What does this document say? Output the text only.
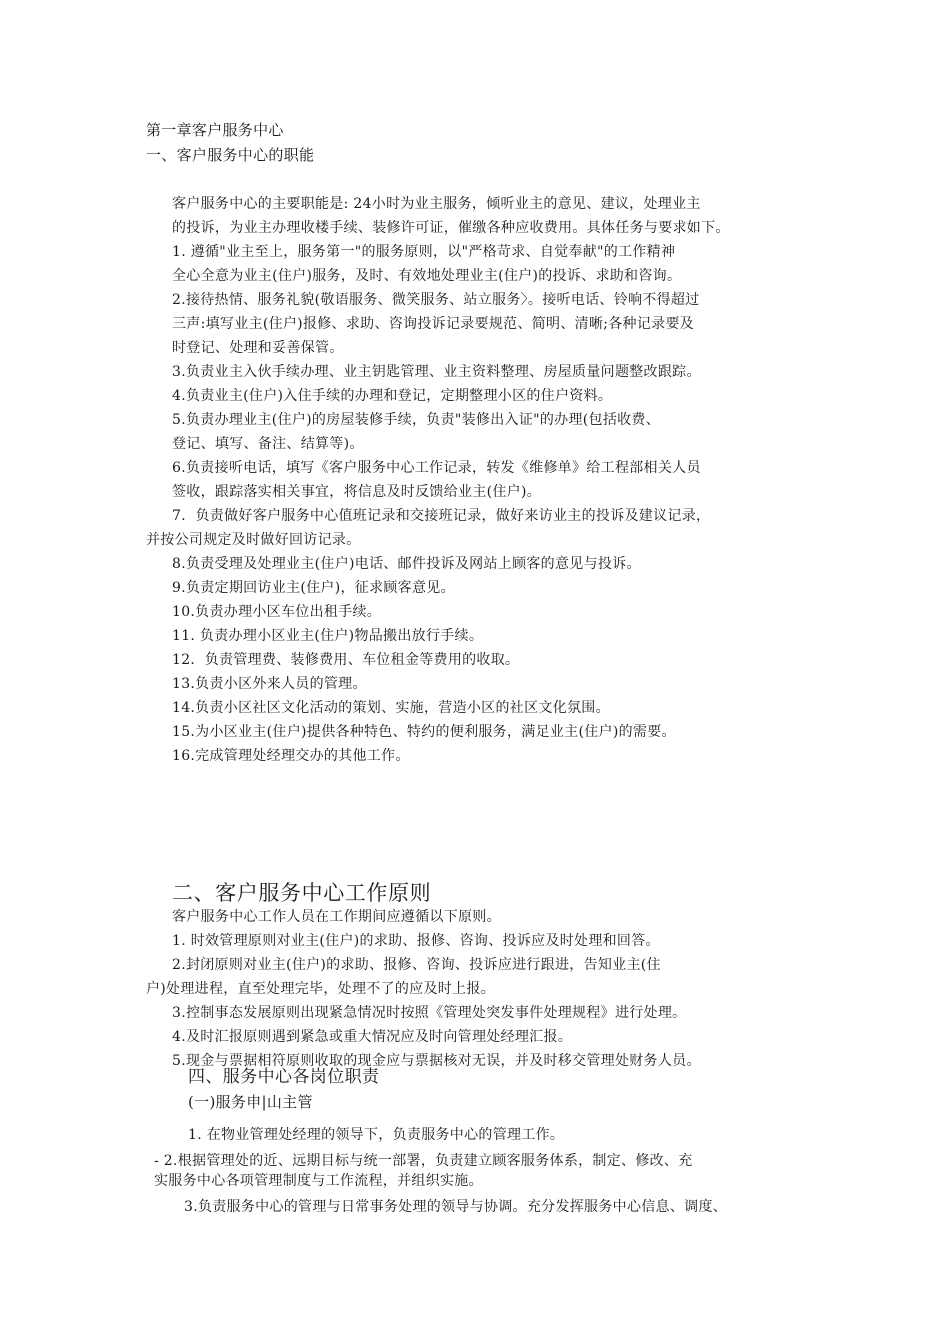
第一章客户服务中心
一、客户服务中心的职能
客户服务中心的主要职能是: 24小时为业主服务，倾听业主的意见、建议，处理业主
的投诉，为业主办理收楼手续、装修许可证，催缴各种应收费用。具体任务与要求如下。
1. 遵循"业主至上，服务第一"的服务原则，以"严格苛求、自觉奉献"的工作精神
全心全意为业主(住户)服务，及时、有效地处理业主(住户)的投诉、求助和咨询。
2.接待热情、服务礼貌(敬语服务、微笑服务、站立服务〉。接听电话、铃响不得超过
三声:填写业主(住户)报修、求助、咨询投诉记录要规范、简明、清晰;各种记录要及
时登记、处理和妥善保管。
3.负责业主入伙手续办理、业主钥匙管理、业主资料整理、房屋质量问题整改跟踪。
4.负责业主(住户)入住手续的办理和登记，定期整理小区的住户资料。
5.负责办理业主(住户)的房屋装修手续，负责"装修出入证"的办理(包括收费、
登记、填写、备注、结算等)。
6.负责接听电话，填写《客户服务中心工作记录，转发《维修单》给工程部相关人员
签收，跟踪落实相关事宜，将信息及时反馈给业主(住户)。
7．负责做好客户服务中心值班记录和交接班记录，做好来访业主的投诉及建议记录，
并按公司规定及时做好回访记录。
8.负责受理及处理业主(住户)电话、邮件投诉及网站上顾客的意见与投诉。
9.负责定期回访业主(住户)，征求顾客意见。
10.负责办理小区车位出租手续。
11. 负责办理小区业主(住户)物品搬出放行手续。
12．负责管理费、装修费用、车位租金等费用的收取。
13.负责小区外来人员的管理。
14.负责小区社区文化活动的策划、实施，营造小区的社区文化氛围。
15.为小区业主(住户)提供各种特色、特约的便利服务，满足业主(住户)的需要。
16.完成管理处经理交办的其他工作。
二、客户服务中心工作原则
客户服务中心工作人员在工作期间应遵循以下原则。
1. 时效管理原则对业主(住户)的求助、报修、咨询、投诉应及时处理和回答。
2.封闭原则对业主(住户)的求助、报修、咨询、投诉应进行跟进，告知业主(住
户)处理进程，直至处理完毕，处理不了的应及时上报。
3.控制事态发展原则出现紧急情况时按照《管理处突发事件处理规程》进行处理。
4.及时汇报原则遇到紧急或重大情况应及时向管理处经理汇报。
5.现金与票据相符原则收取的现金应与票据核对无误，并及时移交管理处财务人员。
四、服务中心各岗位职责
(一)服务申|山主管
1. 在物业管理处经理的领导下，负责服务中心的管理工作。
- 2.根据管理处的近、远期目标与统一部署，负责建立顾客服务体系，制定、修改、充
实服务中心各项管理制度与工作流程，并组织实施。
3.负责服务中心的管理与日常事务处理的领导与协调。充分发挥服务中心信息、调度、
